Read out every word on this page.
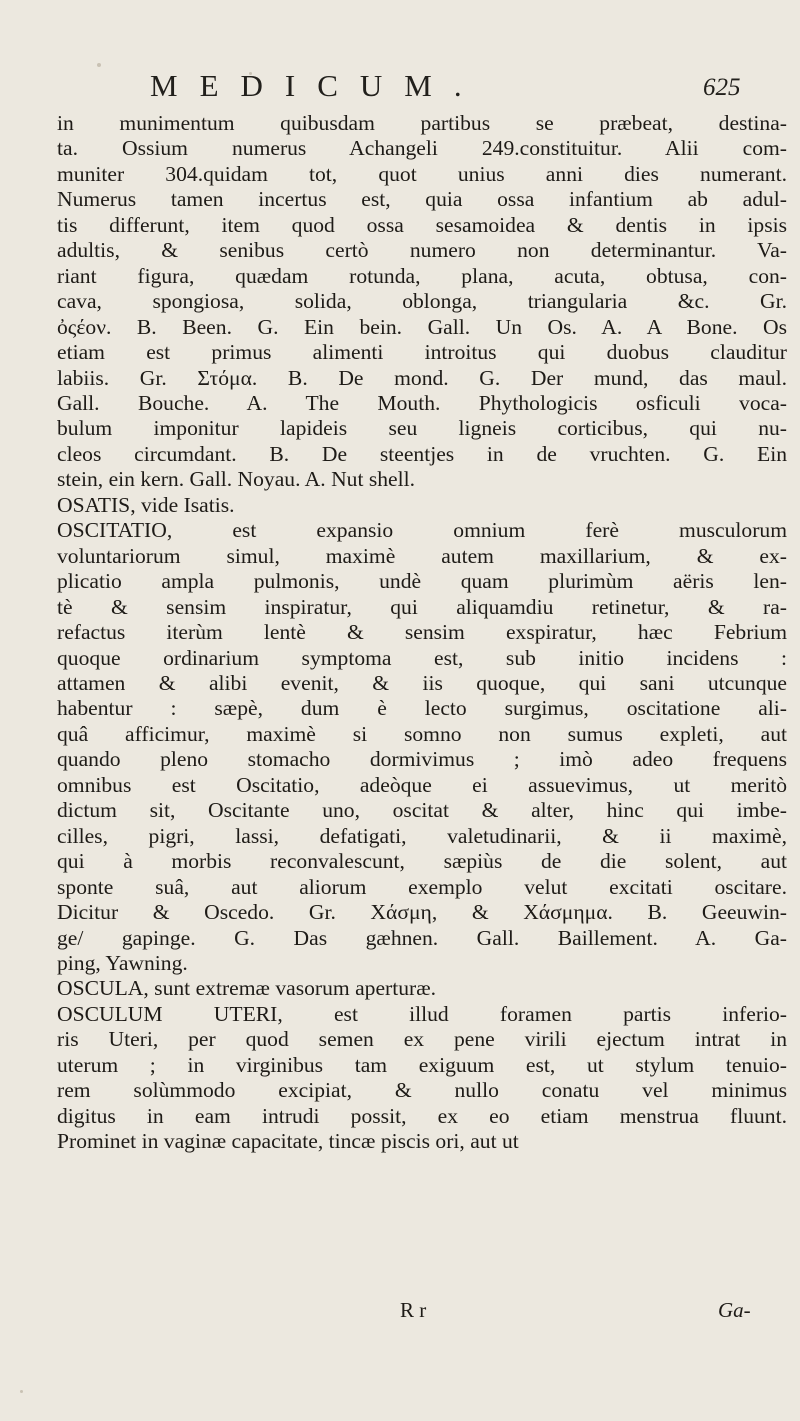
MEDICUM.	625
in munimentum quibusdam partibus se præbeat, destina-
ta. Ossium numerus Achangeli 249.constituitur. Alii com-
muniter 304.quidam tot, quot unius anni dies numerant.
Numerus tamen incertus est, quia ossa infantium ab adul-
tis differunt, item quod ossa sesamoidea & dentis in ipsis
adultis, & senibus certò numero non determinantur. Va-
riant figura, quædam rotunda, plana, acuta, obtusa, con-
cava, spongiosa, solida, oblonga, triangularia &c. Gr.
ὀςέον. B. Been. G. Ein bein. Gall. Un Os. A. A Bone. Os
etiam est primus alimenti introitus qui duobus clauditur
labiis. Gr. Στόμα. B. De mond. G. Der mund, das maul.
Gall. Bouche. A. The Mouth. Phythologicis osficuli voca-
bulum imponitur lapideis seu ligneis corticibus, qui nu-
cleos circumdant. B. De steentjes in de vruchten. G. Ein
stein, ein kern. Gall. Noyau. A. Nut shell.
OSATIS, vide Isatis.
OSCITATIO, est expansio omnium ferè musculorum
voluntariorum simul, maximè autem maxillarium, & ex-
plicatio ampla pulmonis, undè quam plurimùm aëris len-
tè & sensim inspiratur, qui aliquamdiu retinetur, & ra-
refactus iterùm lentè & sensim exspiratur, hæc Febrium
quoque ordinarium symptoma est, sub initio incidens :
attamen & alibi evenit, & iis quoque, qui sani utcunque
habentur : sæpè, dum è lecto surgimus, oscitatione ali-
quâ afficimur, maximè si somno non sumus expleti, aut
quando pleno stomacho dormivimus ; imò adeo frequens
omnibus est Oscitatio, adeòque ei assuevimus, ut meritò
dictum sit, Oscitante uno, oscitat & alter, hinc qui imbe-
cilles, pigri, lassi, defatigati, valetudinarii, & ii maximè,
qui à morbis reconvalescunt, sæpiùs de die solent, aut
sponte suâ, aut aliorum exemplo velut excitati oscitare.
Dicitur & Oscedo. Gr. Χάσμη, & Χάσμημα. B. Geeuwin-
ge/ gapinge. G. Das gæhnen. Gall. Baillement. A. Ga-
ping, Yawning.
OSCULA, sunt extremæ vasorum aperturæ.
OSCULUM UTERI, est illud foramen partis inferio-
ris Uteri, per quod semen ex pene virili ejectum intrat in
uterum ; in virginibus tam exiguum est, ut stylum tenuio-
rem solùmmodo excipiat, & nullo conatu vel minimus
digitus in eam intrudi possit, ex eo etiam menstrua fluunt.
Prominet in vaginæ capacitate, tincæ piscis ori, aut ut
R r	Ga-
